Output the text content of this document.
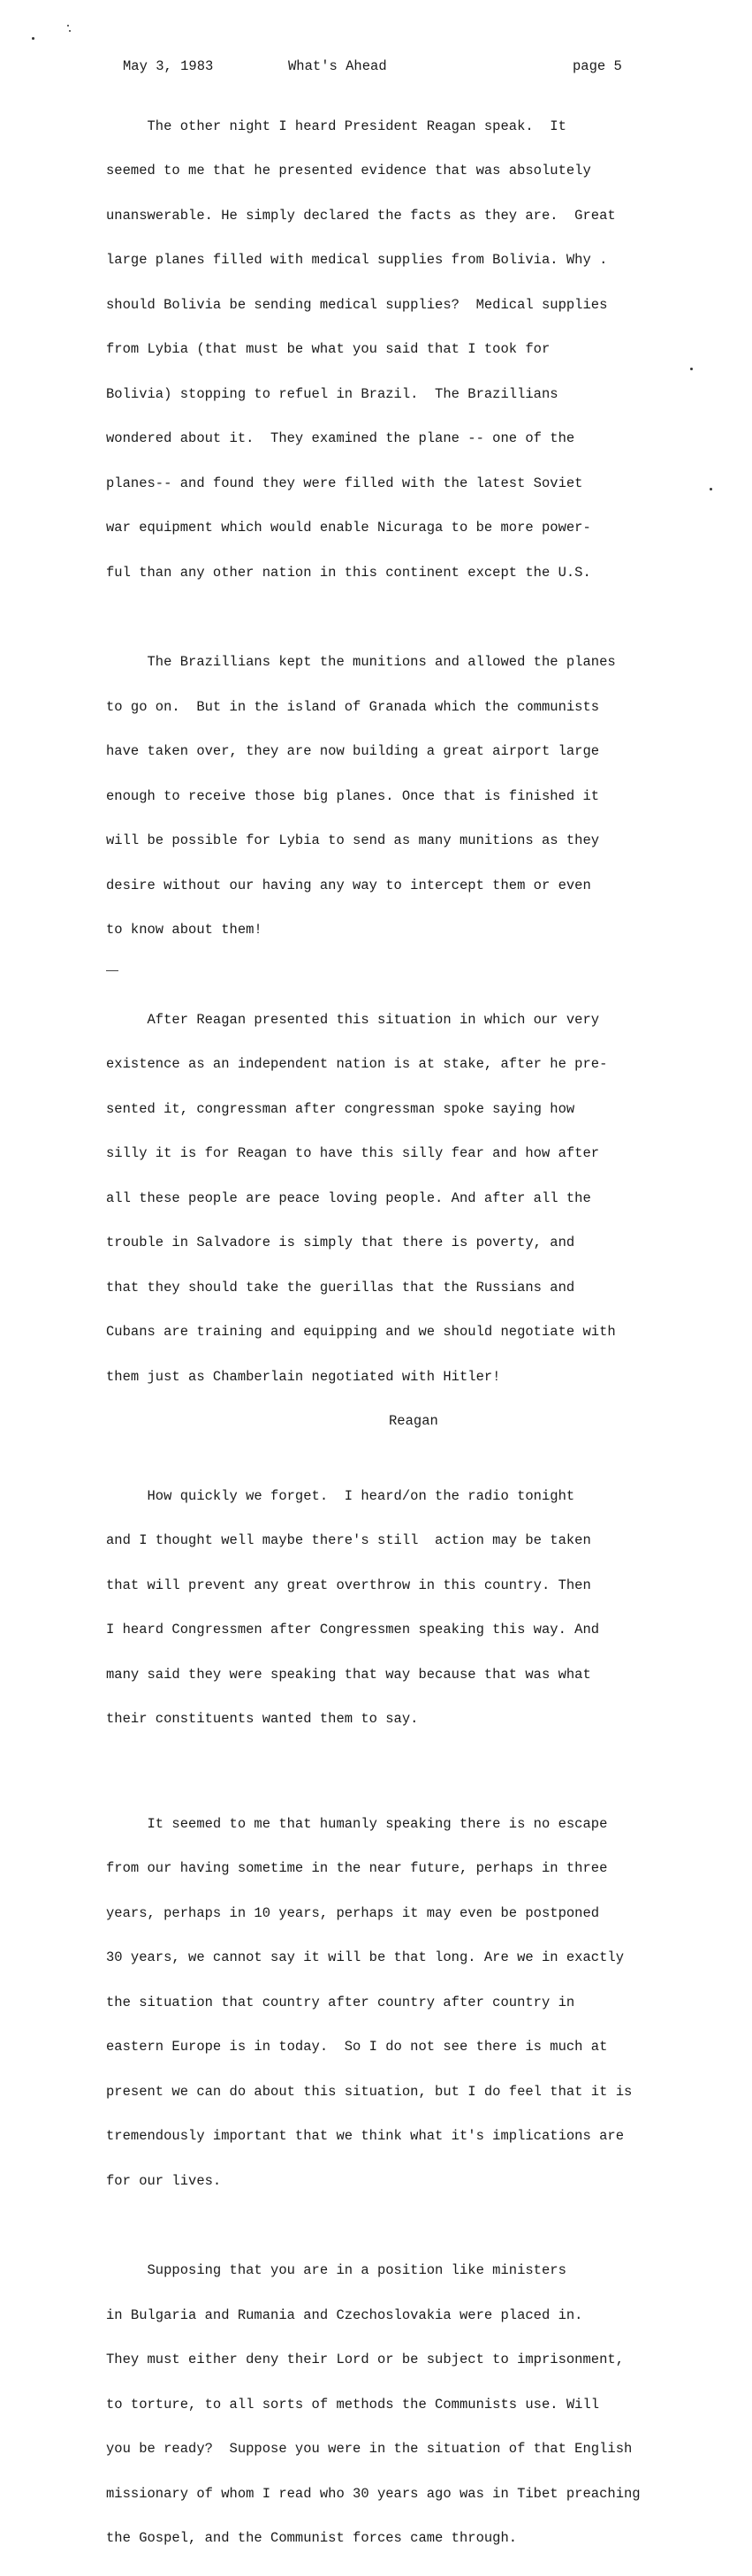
May 3, 1983	What's Ahead	page 5

The other night I heard President Reagan speak.  It

seemed to me that he presented evidence that was absolutely

unanswerable. He simply declared the facts as they are.  Great

large planes filled with medical supplies from Bolivia. Why .

should Bolivia be sending medical supplies?  Medical supplies

from Lybia (that must be what you said that I took for

Bolivia) stopping to refuel in Brazil.  The Brazillians

wondered about it.  They examined the plane -- one of the

planes-- and found they were filled with the latest Soviet

war equipment which would enable Nicuraga to be more power-

ful than any other nation in this continent except the U.S.

The Brazillians kept the munitions and allowed the planes

to go on.  But in the island of Granada which the communists

have taken over, they are now building a great airport large

enough to receive those big planes. Once that is finished it

will be possible for Lybia to send as many munitions as they

desire without our having any way to intercept them or even

to know about them!

After Reagan presented this situation in which our very

existence as an independent nation is at stake, after he pre-

sented it, congressman after congressman spoke saying how

silly it is for Reagan to have this silly fear and how after

all these people are peace loving people. And after all the

trouble in Salvadore is simply that there is poverty, and

that they should take the guerillas that the Russians and

Cubans are training and equipping and we should negotiate with

them just as Chamberlain negotiated with Hitler!

Reagan

How quickly we forget.  I heard/on the radio tonight

and I thought well maybe there's still  action may be taken

that will prevent any great overthrow in this country. Then

I heard Congressmen after Congressmen speaking this way. And

many said they were speaking that way because that was what

their constituents wanted them to say.

It seemed to me that humanly speaking there is no escape

from our having sometime in the near future, perhaps in three

years, perhaps in 10 years, perhaps it may even be postponed

30 years, we cannot say it will be that long. Are we in exactly

the situation that country after country after country in

eastern Europe is in today.  So I do not see there is much at

present we can do about this situation, but I do feel that it is

tremendously important that we think what it's implications are

for our lives.

Supposing that you are in a position like ministers

in Bulgaria and Rumania and Czechoslovakia were placed in.

They must either deny their Lord or be subject to imprisonment,

to torture, to all sorts of methods the Communists use. Will

you be ready?  Suppose you were in the situation of that English

missionary of whom I read who 30 years ago was in Tibet preaching

the Gospel, and the Communist forces came through.
